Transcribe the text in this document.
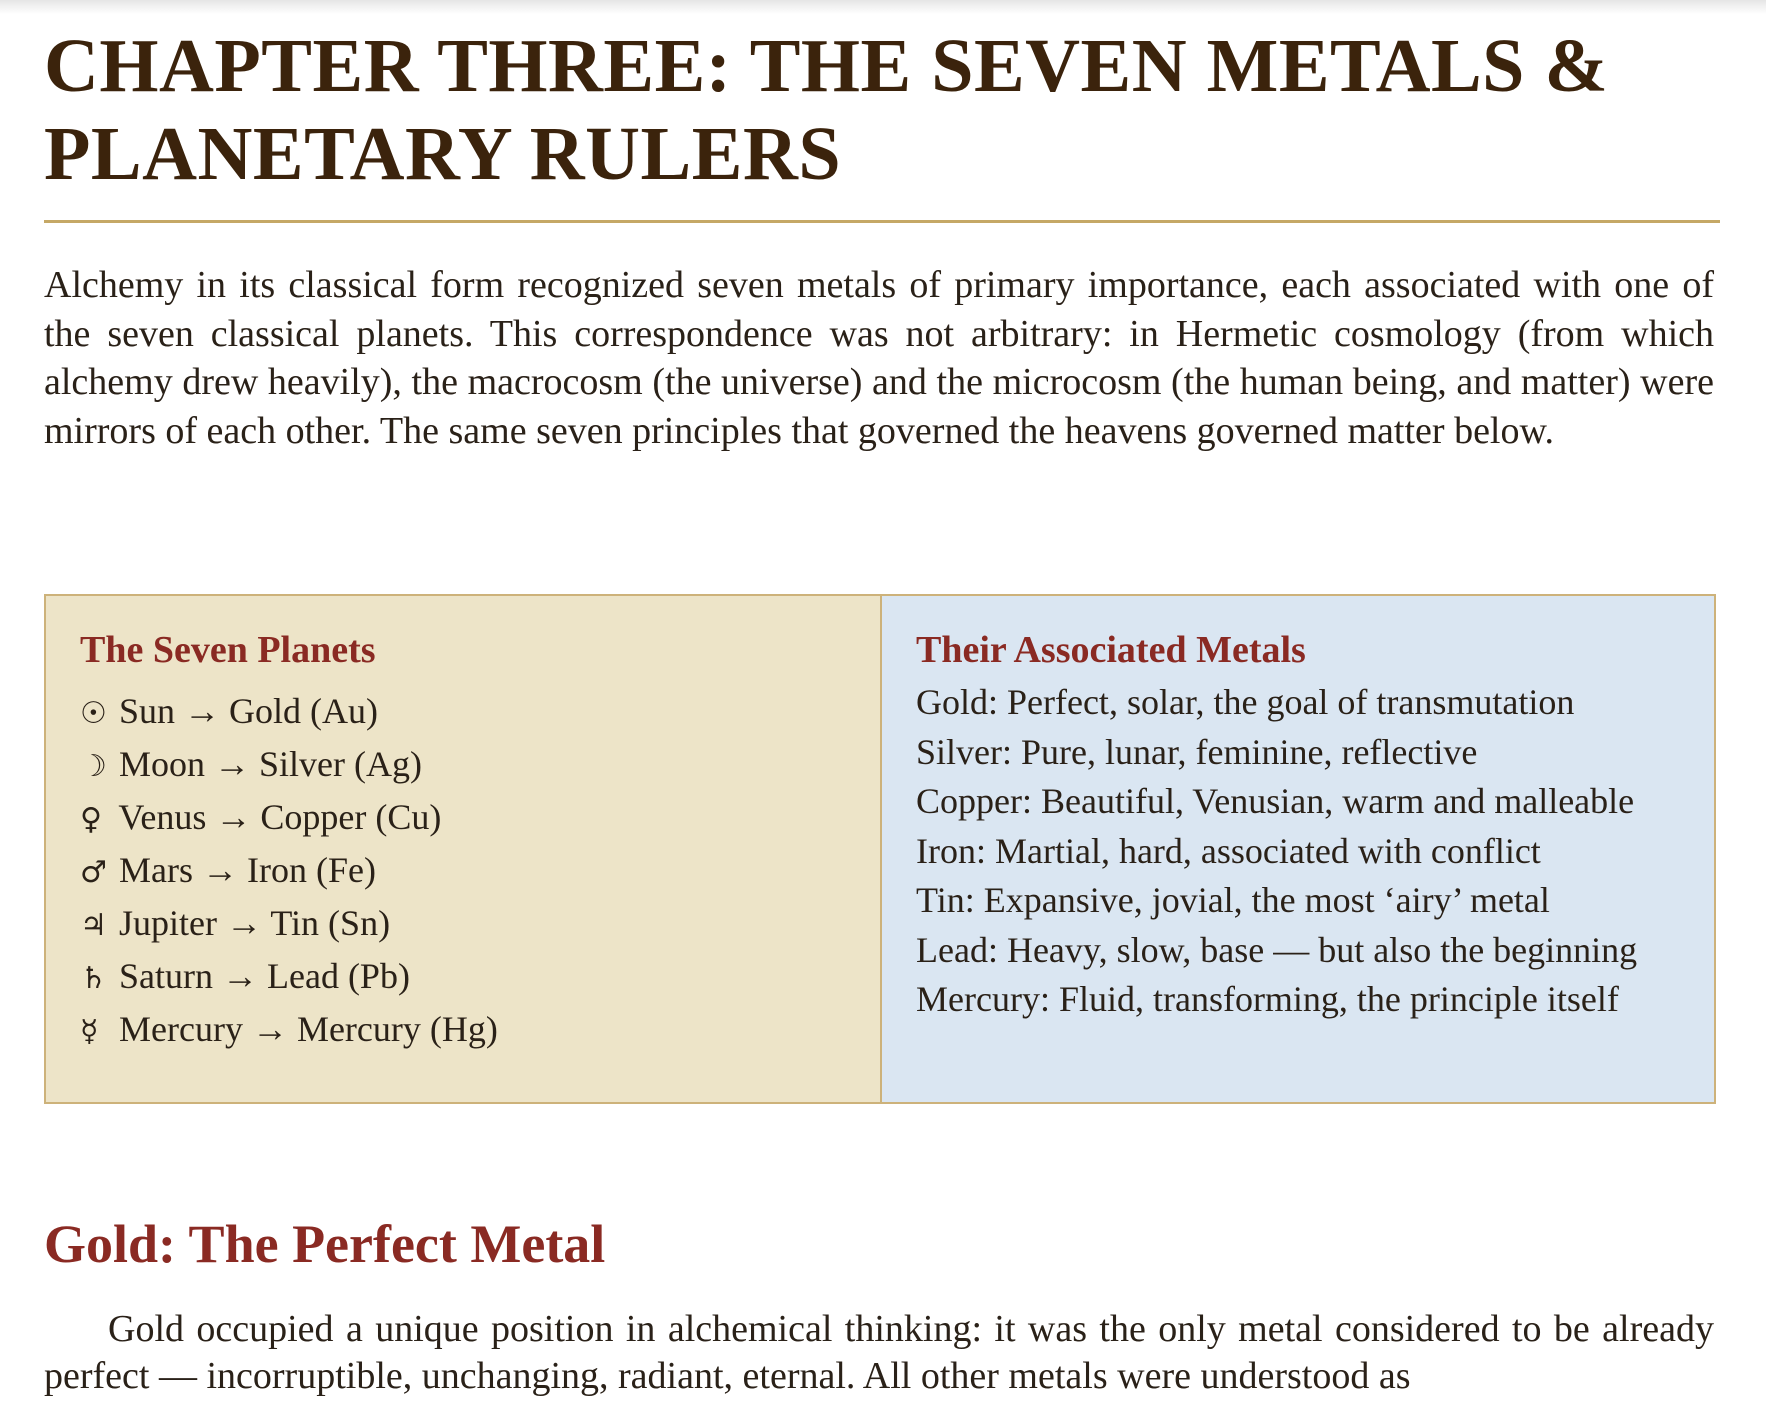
CHAPTER THREE: THE SEVEN METALS & PLANETARY RULERS

Alchemy in its classical form recognized seven metals of primary importance, each associated with one of the seven classical planets. This correspondence was not arbitrary: in Hermetic cosmology (from which alchemy drew heavily), the macrocosm (the universe) and the microcosm (the human being, and matter) were mirrors of each other. The same seven principles that governed the heavens governed matter below.

The Seven Planets
☉ Sun → Gold (Au)
☽ Moon → Silver (Ag)
♀ Venus → Copper (Cu)
♂ Mars → Iron (Fe)
♃ Jupiter → Tin (Sn)
♄ Saturn → Lead (Pb)
☿ Mercury → Mercury (Hg)
Their Associated Metals
Gold: Perfect, solar, the goal of transmutation
Silver: Pure, lunar, feminine, reflective
Copper: Beautiful, Venusian, warm and malleable
Iron: Martial, hard, associated with conflict
Tin: Expansive, jovial, the most ‘airy’ metal
Lead: Heavy, slow, base — but also the beginning
Mercury: Fluid, transforming, the principle itself
Gold: The Perfect Metal

Gold occupied a unique position in alchemical thinking: it was the only metal considered to be already perfect — incorruptible, unchanging, radiant, eternal. All other metals were understood as
